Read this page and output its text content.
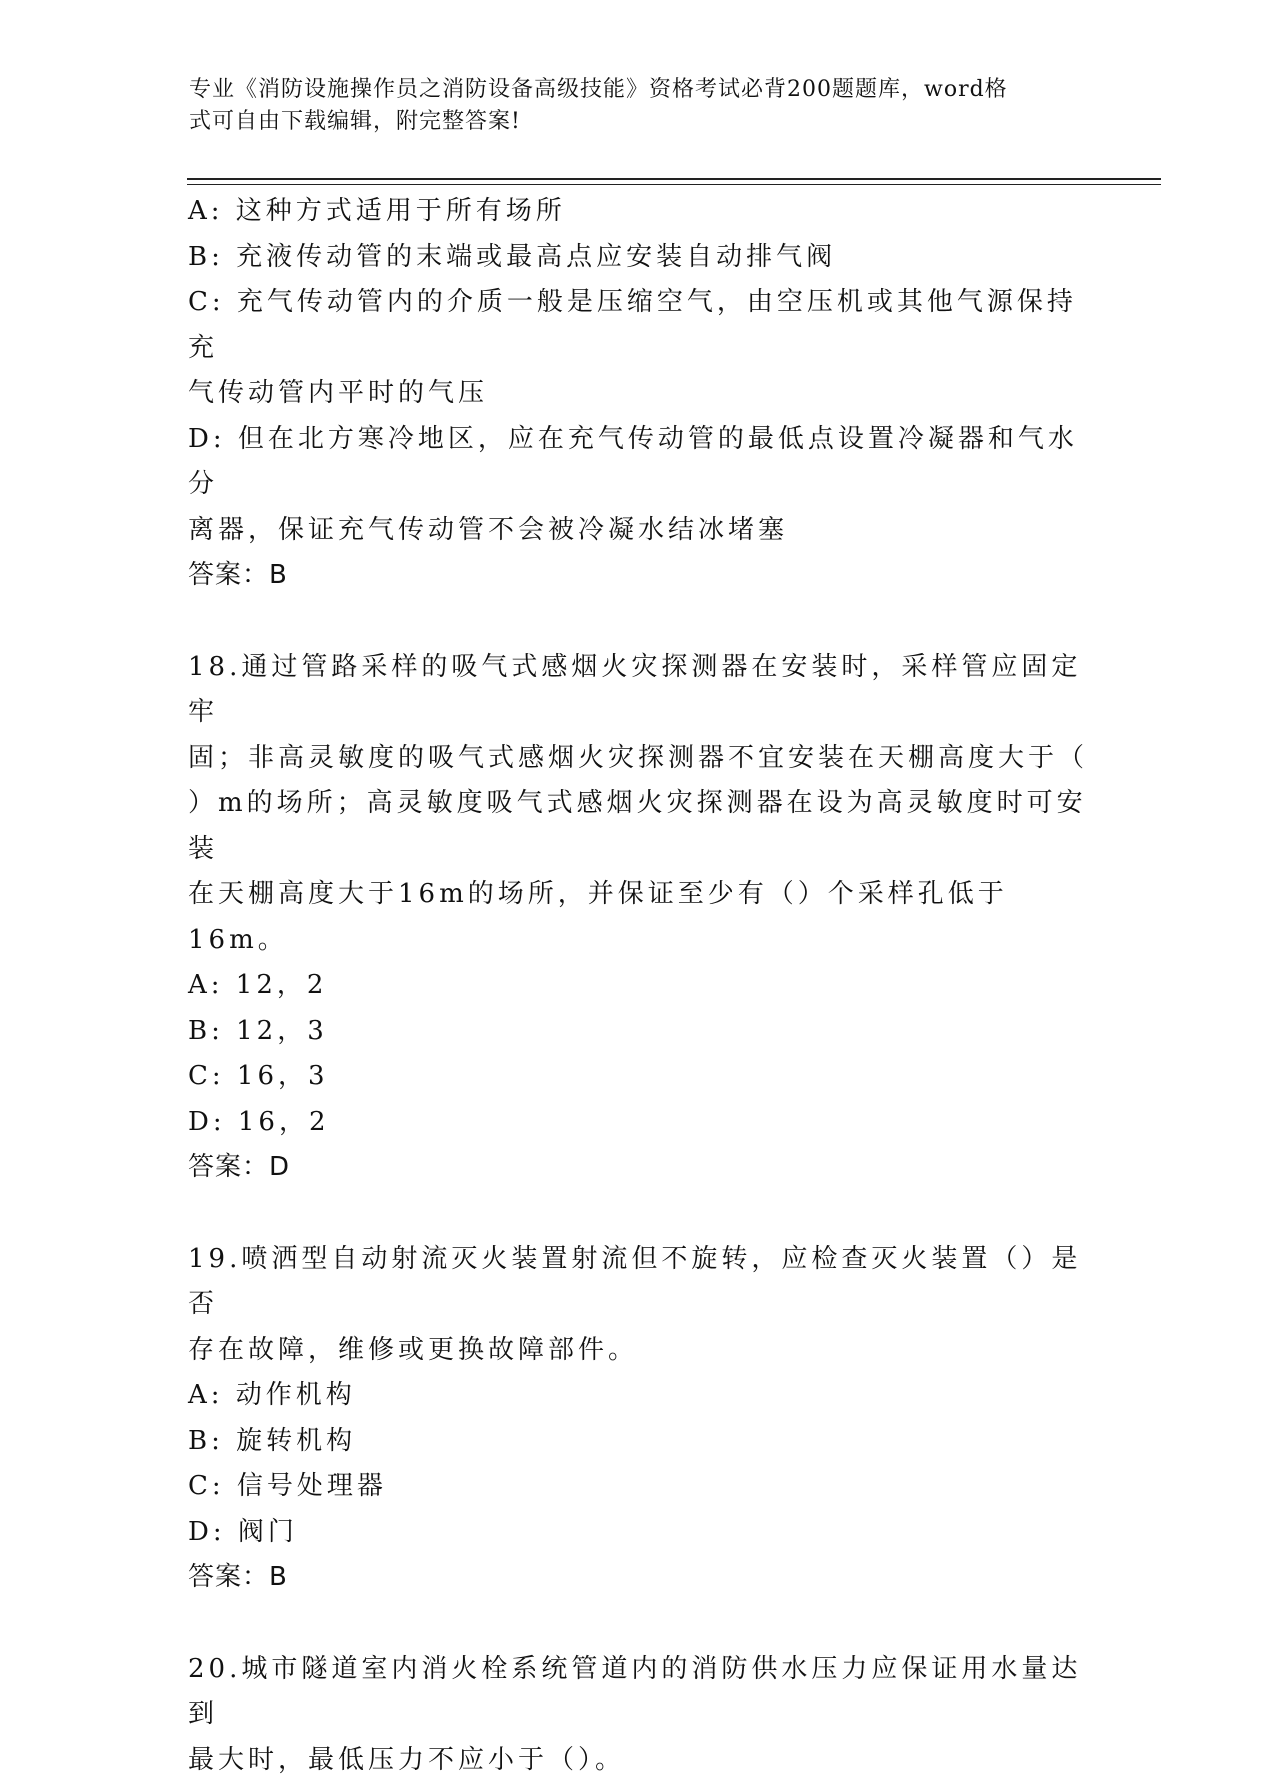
专业《消防设施操作员之消防设备高级技能》资格考试必背200题题库，word格
式可自由下载编辑，附完整答案!
A: 这种方式适用于所有场所
B: 充液传动管的末端或最高点应安装自动排气阀
C: 充气传动管内的介质一般是压缩空气，由空压机或其他气源保持充
气传动管内平时的气压
D: 但在北方寒冷地区，应在充气传动管的最低点设置冷凝器和气水分
离器，保证充气传动管不会被冷凝水结冰堵塞
答案：B
18.通过管路采样的吸气式感烟火灾探测器在安装时，采样管应固定牢
固；非高灵敏度的吸气式感烟火灾探测器不宜安装在天棚高度大于（
）m的场所；高灵敏度吸气式感烟火灾探测器在设为高灵敏度时可安装
在天棚高度大于16m的场所，并保证至少有（）个采样孔低于16m。
A: 12，2
B: 12，3
C: 16，3
D: 16，2
答案：D
19.喷洒型自动射流灭火装置射流但不旋转，应检查灭火装置（）是否
存在故障，维修或更换故障部件。
A: 动作机构
B: 旋转机构
C: 信号处理器
D: 阀门
答案：B
20.城市隧道室内消火栓系统管道内的消防供水压力应保证用水量达到
最大时，最低压力不应小于（）。
